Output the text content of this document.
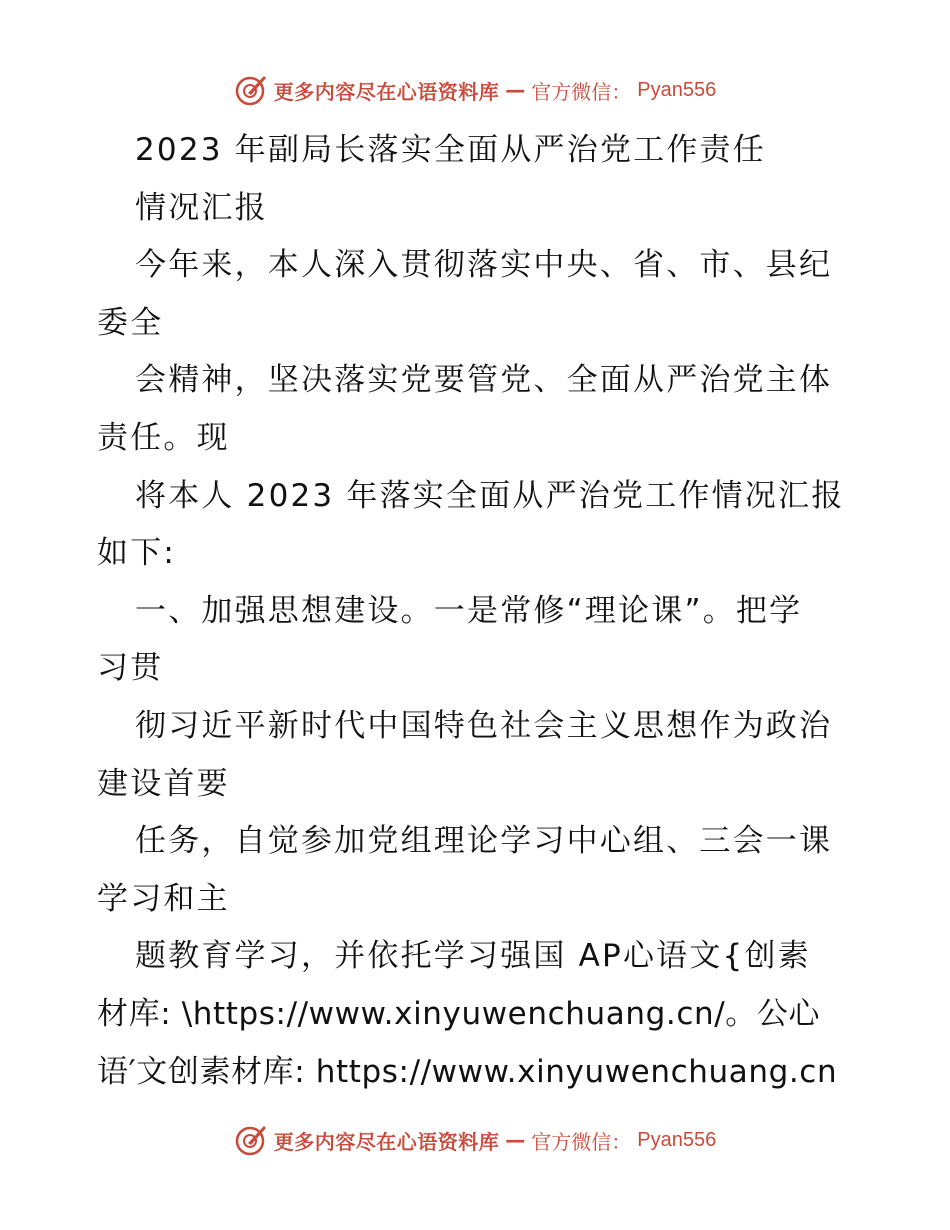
更多内容尽在心语资料库 — 官方微信： Pyan556
2023 年副局长落实全面从严治党工作责任
情况汇报
今年来，本人深入贯彻落实中央、省、市、县纪
委全
会精神，坚决落实党要管党、全面从严治党主体
责任。现
将本人 2023 年落实全面从严治党工作情况汇报
如下:
一、加强思想建设。一是常修“理论课”。把学
习贯
彻习近平新时代中国特色社会主义思想作为政治
建设首要
任务，自觉参加党组理论学习中心组、三会一课
学习和主
题教育学习，并依托学习强国 AP心语文{创素
材库: \https://www.xinyuwenchuang.cn/。公心
语′文创素材库: https://www.xinyuwenchuang.cn
更多内容尽在心语资料库 — 官方微信： Pyan556
